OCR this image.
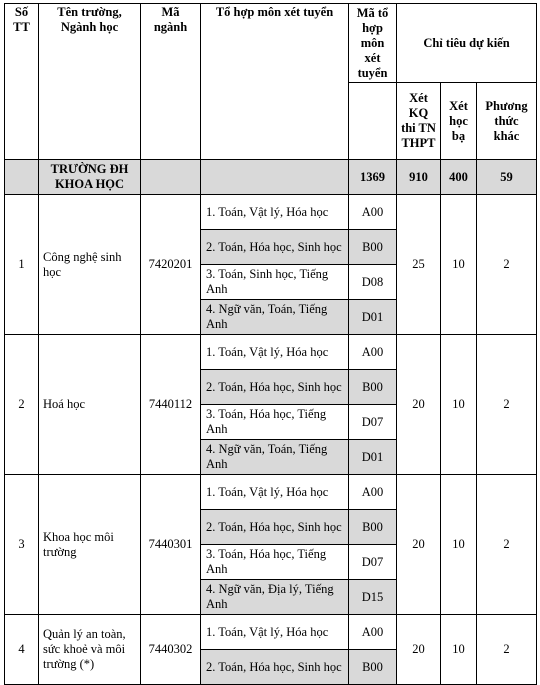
Số TT	Tên trường, Ngành học	Mã ngành	Tổ hợp môn xét tuyển	Mã tổ hợp môn xét tuyển	Chỉ tiêu dự kiến		
					Xét KQ thi TN THPT	Xét học bạ	Phương thức khác
	TRƯỜNG ĐH KHOA HỌC			1369	910	400	59
1	Công nghệ sinh học	7420201	1. Toán, Vật lý, Hóa học	A00	25	10	2
			2. Toán, Hóa học, Sinh học	B00			
			3. Toán, Sinh học, Tiếng Anh	D08			
			4. Ngữ văn, Toán, Tiếng Anh	D01			
2	Hoá học	7440112	1. Toán, Vật lý, Hóa học	A00	20	10	2
			2. Toán, Hóa học, Sinh học	B00			
			3. Toán, Hóa học, Tiếng Anh	D07			
			4. Ngữ văn, Toán, Tiếng Anh	D01			
3	Khoa học môi trường	7440301	1. Toán, Vật lý, Hóa học	A00	20	10	2
			2. Toán, Hóa học, Sinh học	B00			
			3. Toán, Hóa học, Tiếng Anh	D07			
			4. Ngữ văn, Địa lý, Tiếng Anh	D15			
4	Quản lý an toàn, sức khoẻ và môi trường (*)	7440302	1. Toán, Vật lý, Hóa học	A00	20	10	2
			2. Toán, Hóa học, Sinh học	B00			
